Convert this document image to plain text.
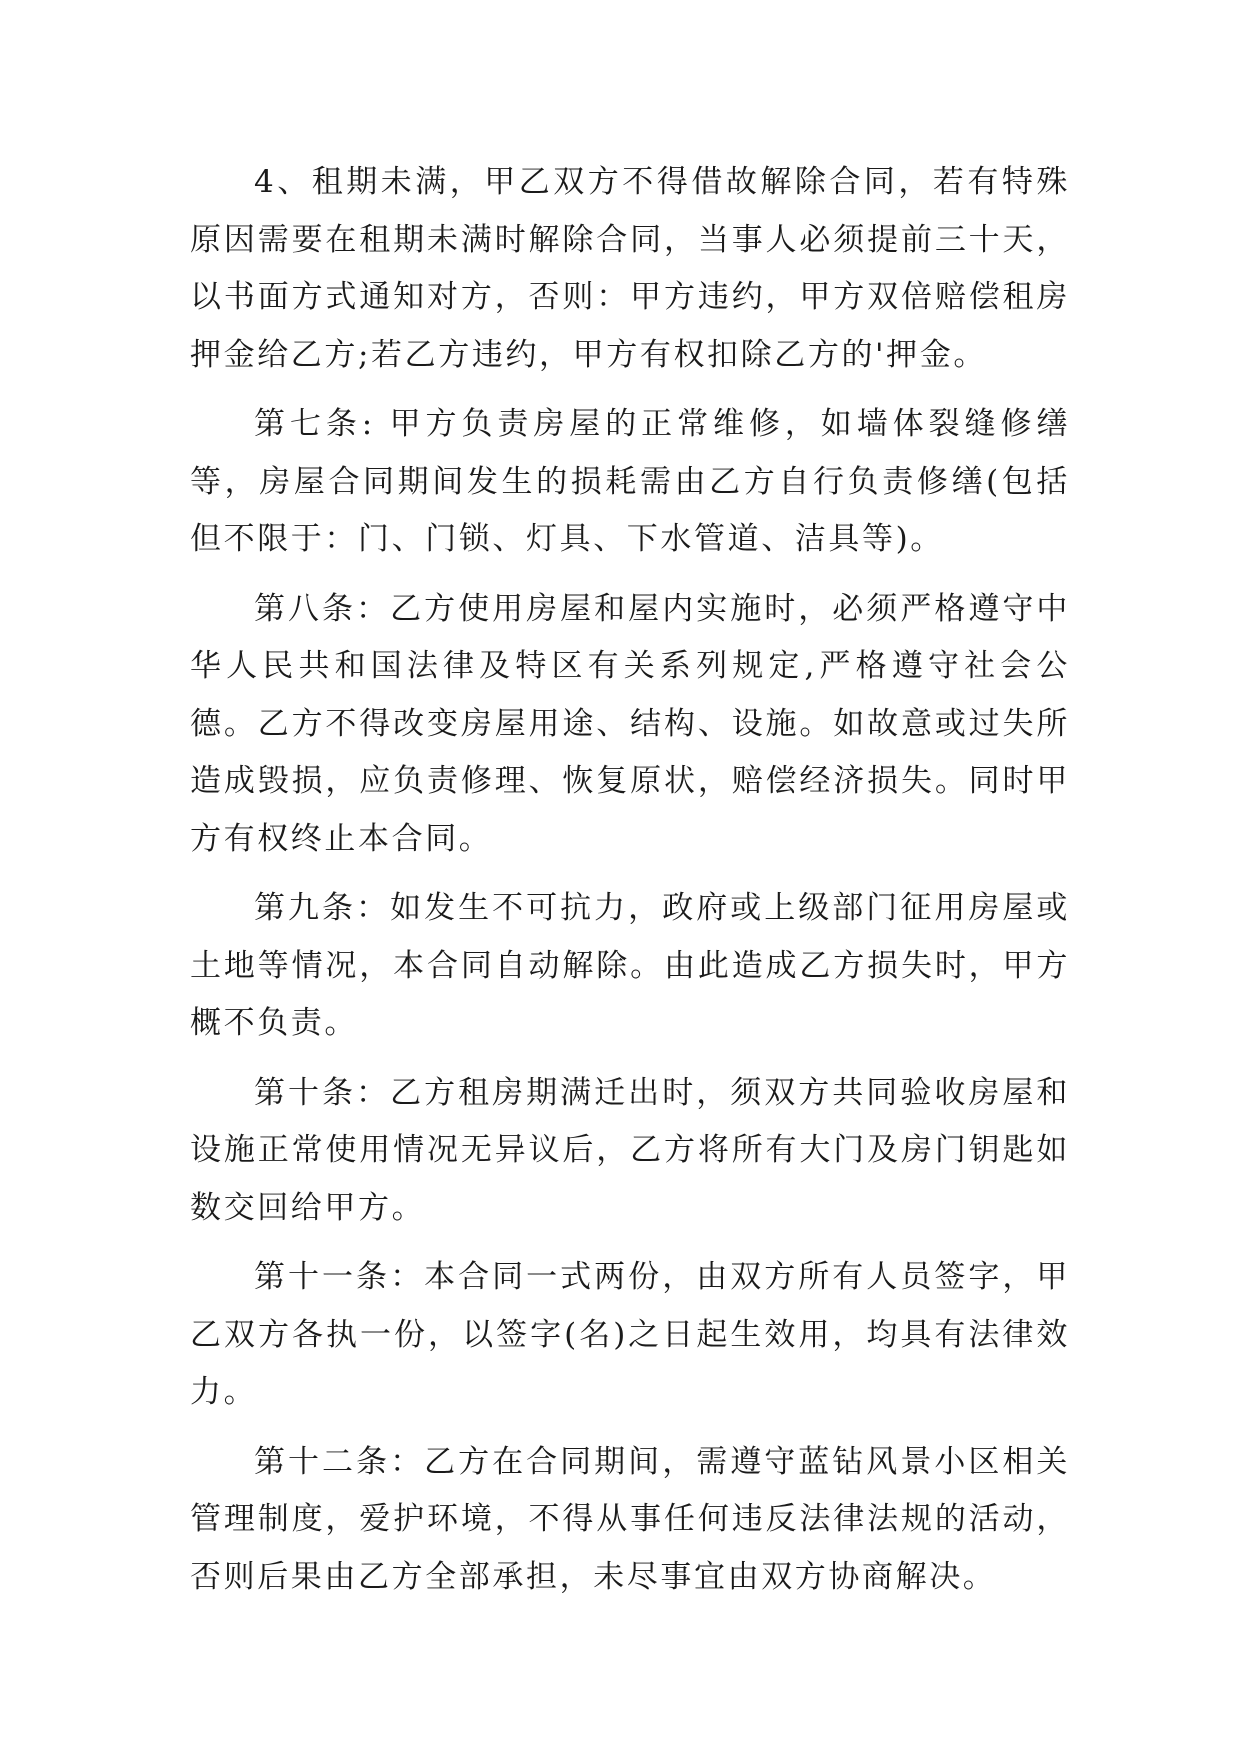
4、租期未满，甲乙双方不得借故解除合同，若有特殊原因需要在租期未满时解除合同，当事人必须提前三十天，以书面方式通知对方，否则：甲方违约，甲方双倍赔偿租房押金给乙方;若乙方违约，甲方有权扣除乙方的'押金。

第七条: 甲方负责房屋的正常维修，如墙体裂缝修缮等，房屋合同期间发生的损耗需由乙方自行负责修缮(包括但不限于：门、门锁、灯具、下水管道、洁具等)。

第八条：乙方使用房屋和屋内实施时，必须严格遵守中华人民共和国法律及特区有关系列规定,严格遵守社会公德。乙方不得改变房屋用途、结构、设施。如故意或过失所造成毁损，应负责修理、恢复原状，赔偿经济损失。同时甲方有权终止本合同。

第九条：如发生不可抗力，政府或上级部门征用房屋或土地等情况，本合同自动解除。由此造成乙方损失时，甲方概不负责。

第十条：乙方租房期满迁出时，须双方共同验收房屋和设施正常使用情况无异议后，乙方将所有大门及房门钥匙如数交回给甲方。

第十一条：本合同一式两份，由双方所有人员签字，甲乙双方各执一份，以签字(名)之日起生效用，均具有法律效力。

第十二条：乙方在合同期间，需遵守蓝钻风景小区相关管理制度，爱护环境，不得从事任何违反法律法规的活动，否则后果由乙方全部承担，未尽事宜由双方协商解决。
